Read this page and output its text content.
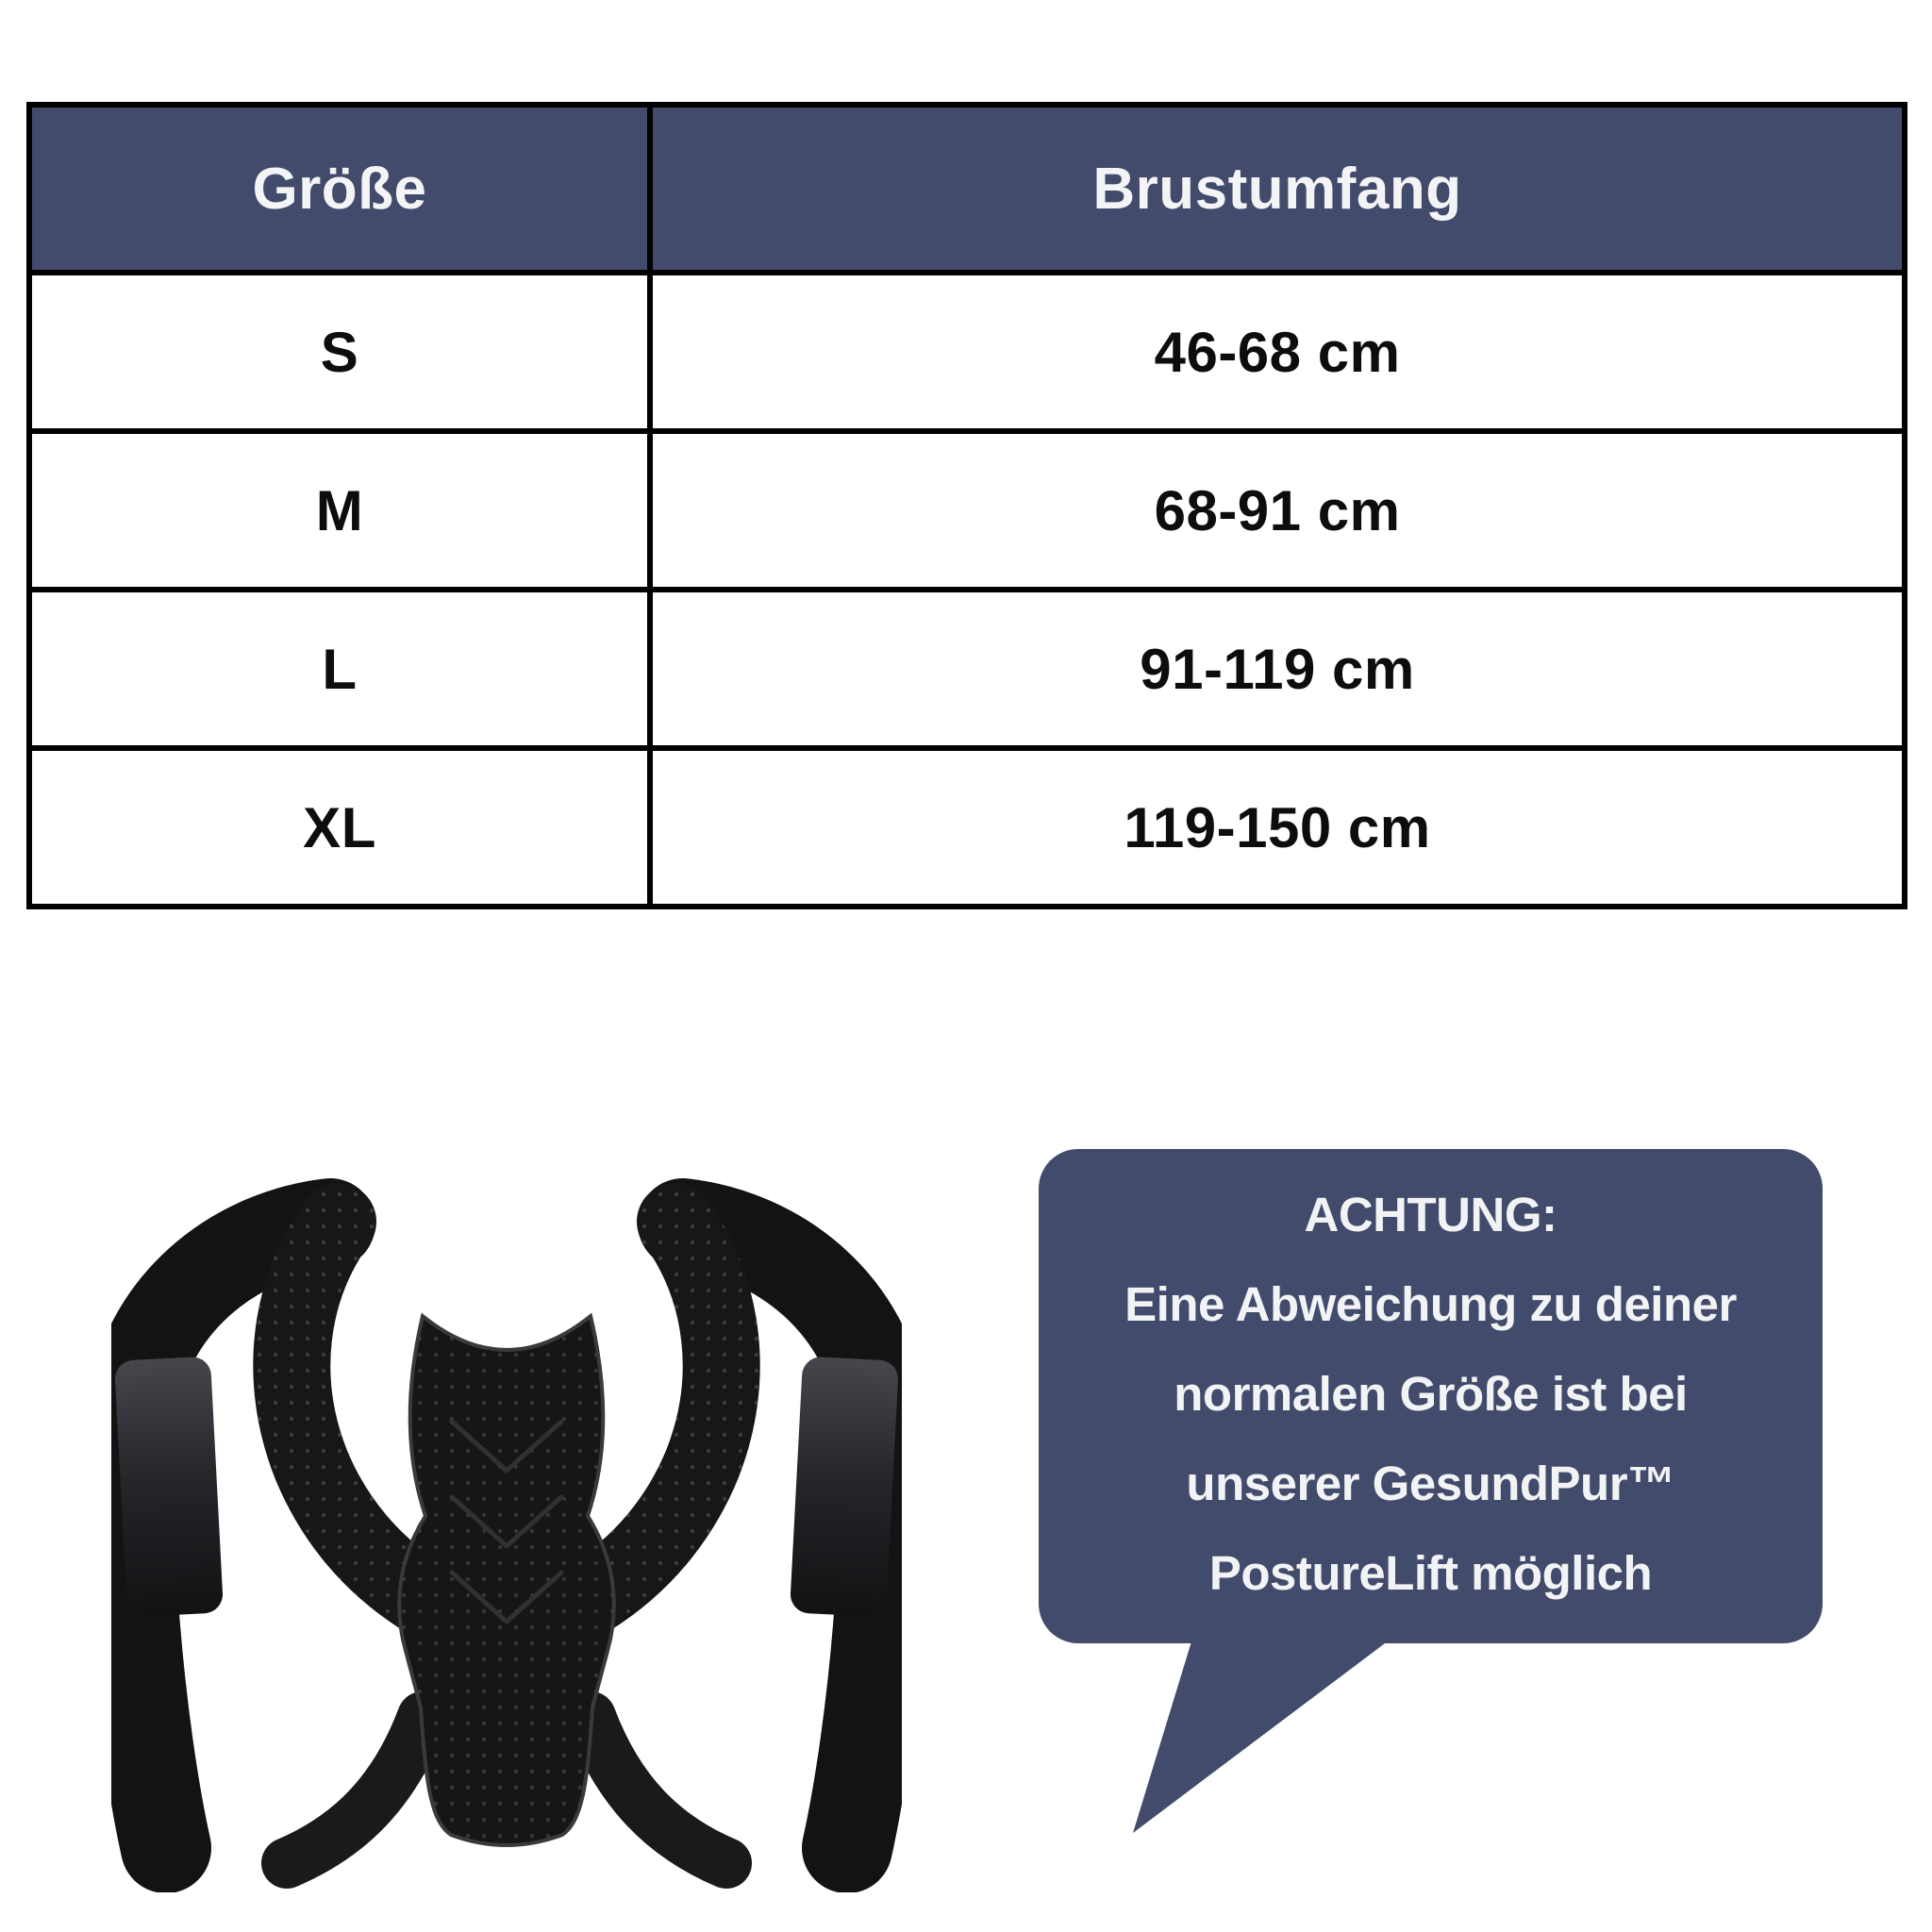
Größe	Brustumfang
S	46-68 cm
M	68-91 cm
L	91-119 cm
XL	119-150 cm
ACHTUNG:
Eine Abweichung zu deiner
normalen Größe ist bei
unserer GesundPur™
PostureLift möglich
